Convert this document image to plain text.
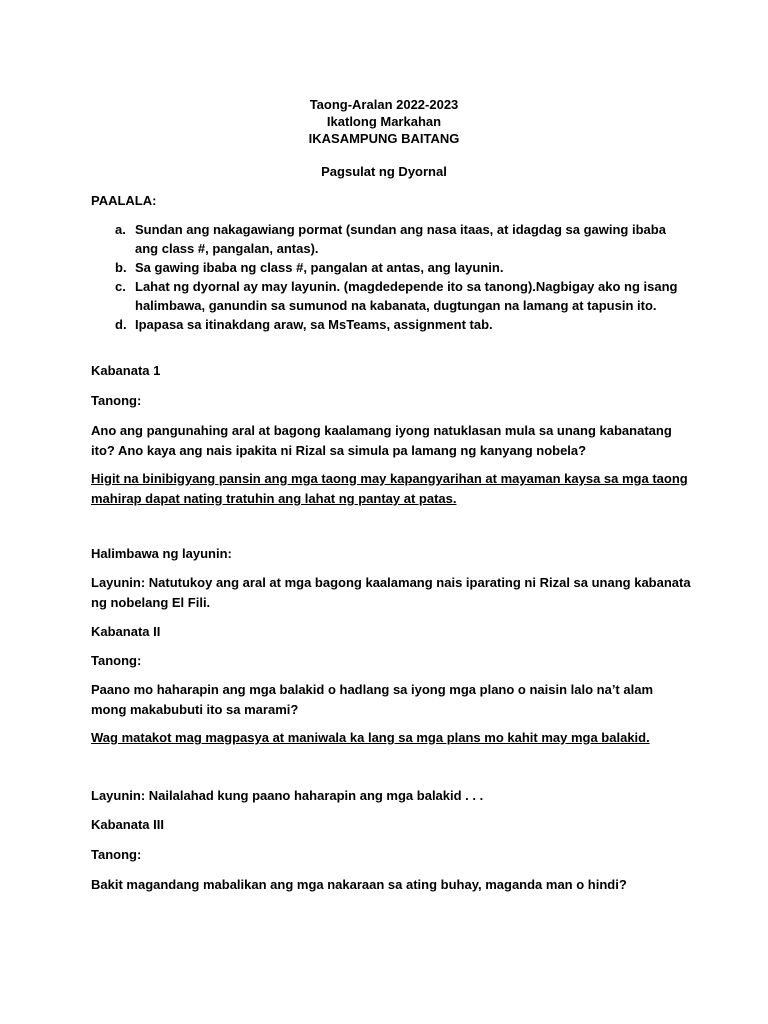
Taong-Aralan 2022-2023
Ikatlong Markahan
IKASAMPUNG BAITANG
Pagsulat ng Dyornal
PAALALA:
a. Sundan ang nakagawiang pormat (sundan ang nasa itaas, at idagdag sa gawing ibaba ang class #, pangalan, antas).
b. Sa gawing ibaba ng class #, pangalan at antas, ang layunin.
c. Lahat ng dyornal ay may layunin. (magdedepende ito sa tanong).Nagbigay ako ng isang halimbawa, ganundin sa sumunod na kabanata, dugtungan na lamang at tapusin ito.
d. Ipapasa sa itinakdang araw, sa MsTeams, assignment tab.
Kabanata 1
Tanong:
Ano ang pangunahing aral at bagong kaalamang iyong natuklasan mula sa unang kabanatang ito? Ano kaya ang nais ipakita ni Rizal sa simula pa lamang ng kanyang nobela?
Higit na binibigyang pansin ang mga taong may kapangyarihan at mayaman kaysa sa mga taong mahirap dapat nating tratuhin ang lahat ng pantay at patas.
Halimbawa ng layunin:
Layunin: Natutukoy ang aral at mga bagong kaalamang nais iparating ni Rizal sa unang kabanata ng nobelang El Fili.
Kabanata II
Tanong:
Paano mo haharapin ang mga balakid o hadlang sa iyong mga plano o naisin lalo na’t alam mong makabubuti ito sa marami?
Wag matakot mag magpasya at maniwala ka lang sa mga plans mo kahit may mga balakid.
Layunin: Nailalahad kung paano haharapin ang mga balakid . . .
Kabanata III
Tanong:
Bakit magandang mabalikan ang mga nakaraan sa ating buhay, maganda man o hindi?
